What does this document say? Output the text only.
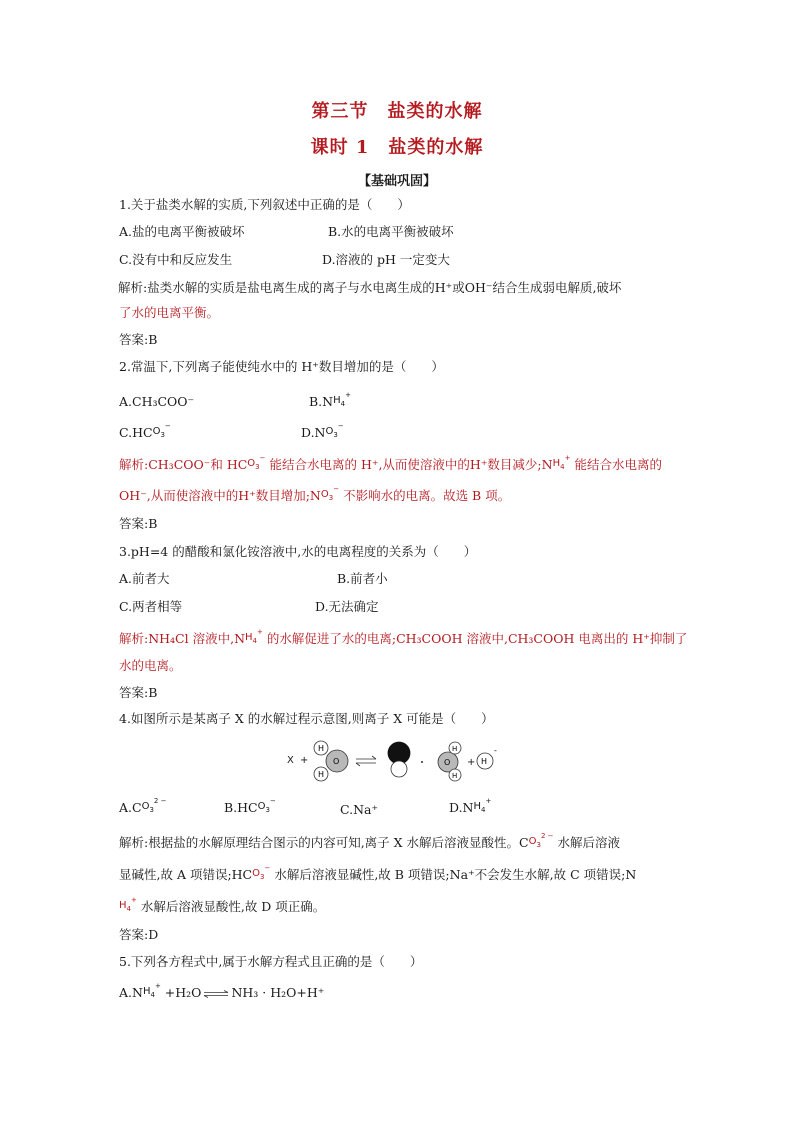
第三节　盐类的水解
课时 1　盐类的水解
【基础巩固】
1.关于盐类水解的实质,下列叙述中正确的是（　　）
A.盐的电离平衡被破坏	B.水的电离平衡被破坏
C.没有中和反应发生	D.溶液的 pH 一定变大
解析:盐类水解的实质是盐电离生成的离子与水电离生成的H⁺或OH⁻结合生成弱电解质,破坏
了水的电离平衡。
答案:B
2.常温下,下列离子能使纯水中的 H⁺数目增加的是（　　）
A.CH₃COO⁻	$B.N^H4^+$
$C.HC^O3^-$	$D.N^O3^-$
解析:CH₃COO⁻和 $HC^O3^-$ 能结合水电离的 H⁺,从而使溶液中的H⁺数目减少$;N^H4^+$ 能结合水电离的
OH⁻,从而使溶液中的H⁺数目增加$;N^O3^-$ 不影响水的电离。故选 B 项。
答案:B
3.pH=4 的醋酸和氯化铵溶液中,水的电离程度的关系为（　　）
A.前者大	B.前者小
C.两者相等	D.无法确定
解析:NH₄Cl 溶液中$,N^H4^+$ 的水解促进了水的电离;CH₃COOH 溶液中,CH₃COOH 电离出的 H⁺抑制了
水的电离。
答案:B
4.如图所示是某离子 X 的水解过程示意图,则离子 X 可能是（　　）
X +
H
H
O	O
H
H
+ H
-
$A.C^O3^{2 -}$	$B.HC^O3^-$
C.Na⁺	$D.N^H4^+$
解析:根据盐的水解原理结合图示的内容可知,离子 X 水解后溶液显酸性。$C^O3^{2 -}$ 水解后溶液
显碱性,故 A 项错误$;HC^O3^-$ 水解后溶液显碱性,故 B 项错误;Na⁺不会发生水解,故 C 项错误;N
$^H$4+ 水解后溶液显酸性,故 D 项正确。
答案:D
5.下列各方程式中,属于水解方程式且正确的是（　　）
$A.N^H4^+ +H_2O$ ⇌ NH₃ · H₂O+H⁺
